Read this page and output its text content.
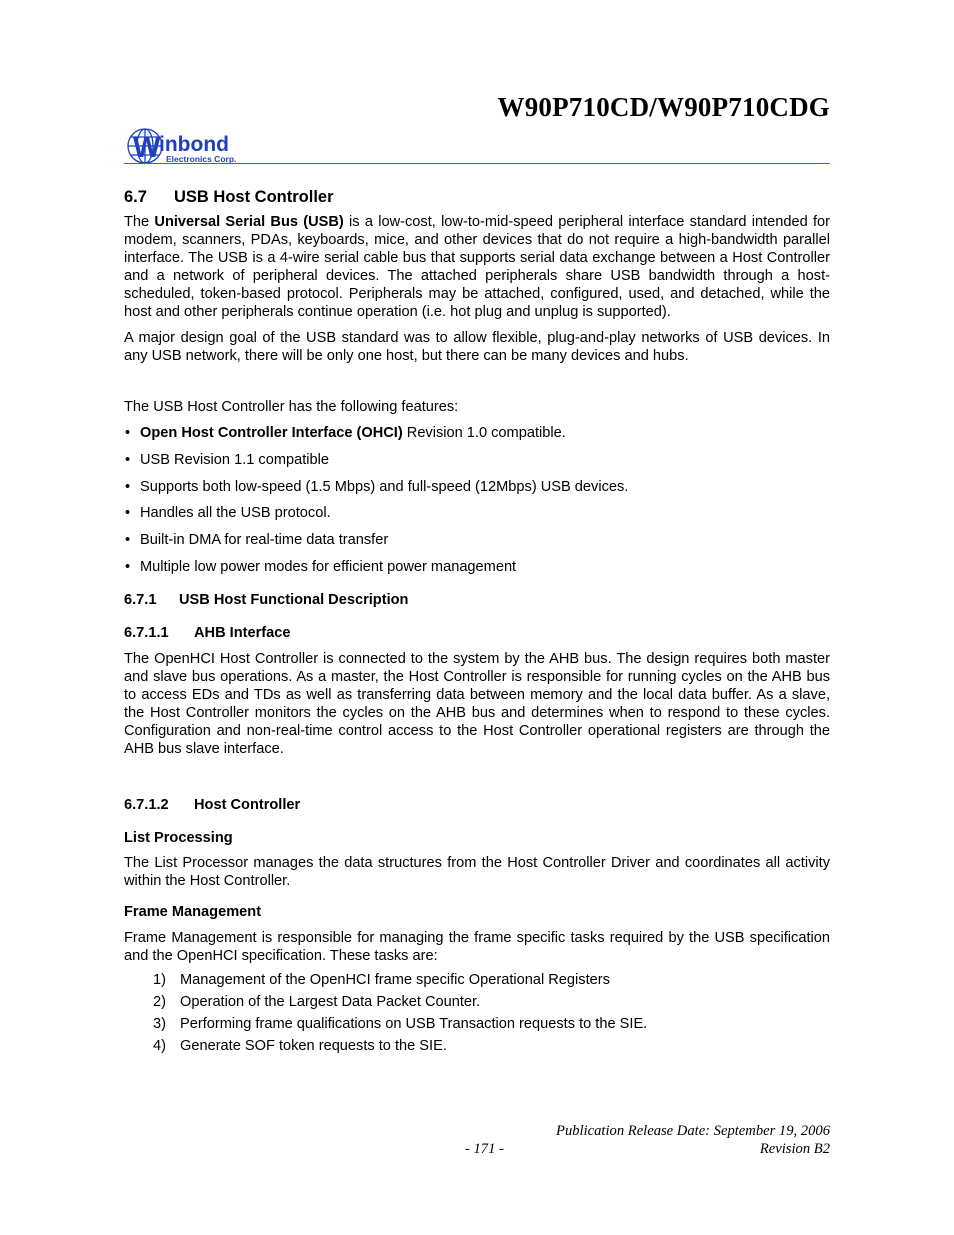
W90P710CD/W90P710CDG
W
inbond
Electronics Corp.
6.7	USB Host Controller

The Universal Serial Bus (USB) is a low-cost, low-to-mid-speed peripheral interface standard intended for modem, scanners, PDAs, keyboards, mice, and other devices that do not require a high-bandwidth parallel interface. The USB is a 4-wire serial cable bus that supports serial data exchange between a Host Controller and a network of peripheral devices. The attached peripherals share USB bandwidth through a host-scheduled, token-based protocol. Peripherals may be attached, configured, used, and detached, while the host and other peripherals continue operation (i.e. hot plug and unplug is supported).

A major design goal of the USB standard was to allow flexible, plug-and-play networks of USB devices. In any USB network, there will be only one host, but there can be many devices and hubs.

The USB Host Controller has the following features:

• Open Host Controller Interface (OHCI) Revision 1.0 compatible.
• USB Revision 1.1 compatible
• Supports both low-speed (1.5 Mbps) and full-speed (12Mbps) USB devices.
• Handles all the USB protocol.
• Built-in DMA for real-time data transfer
• Multiple low power modes for efficient power management
6.7.1	USB Host Functional Description
6.7.1.1	AHB Interface

The OpenHCI Host Controller is connected to the system by the AHB bus. The design requires both master and slave bus operations. As a master, the Host Controller is responsible for running cycles on the AHB bus to access EDs and TDs as well as transferring data between memory and the local data buffer. As a slave, the Host Controller monitors the cycles on the AHB bus and determines when to respond to these cycles. Configuration and non-real-time control access to the Host Controller operational registers are through the AHB bus slave interface.

6.7.1.2	Host Controller
List Processing

The List Processor manages the data structures from the Host Controller Driver and coordinates all activity within the Host Controller.

Frame Management

Frame Management is responsible for managing the frame specific tasks required by the USB specification and the OpenHCI specification. These tasks are:

1) Management of the OpenHCI frame specific Operational Registers
2) Operation of the Largest Data Packet Counter.
3) Performing frame qualifications on USB Transaction requests to the SIE.
4) Generate SOF token requests to the SIE.
Publication Release Date: September 19, 2006
- 171 -	Revision B2
